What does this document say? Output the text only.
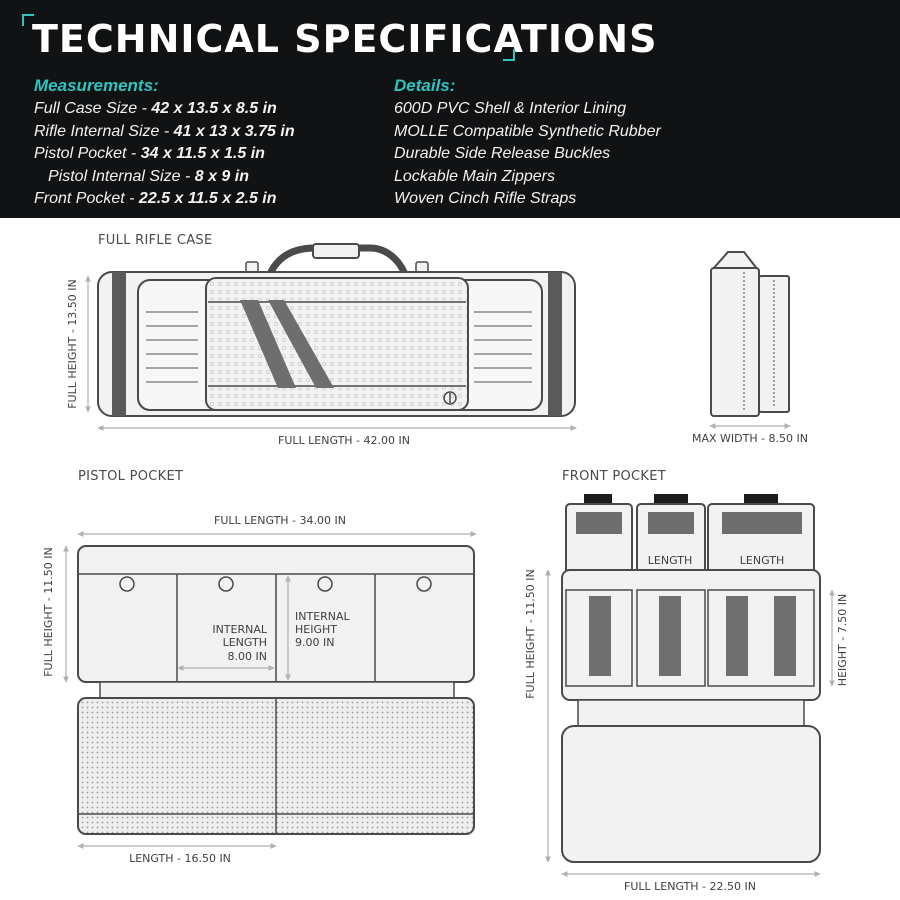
TECHNICAL SPECIFICATIONS
Measurements:
Full Case Size - 42 x 13.5 x 8.5 in
Rifle Internal Size - 41 x 13 x 3.75 in
Pistol Pocket - 34 x 11.5 x 1.5 in
Pistol Internal Size - 8 x 9 in
Front Pocket - 22.5 x 11.5 x 2.5 in
Details:
600D PVC Shell & Interior Lining
MOLLE Compatible Synthetic Rubber
Durable Side Release Buckles
Lockable Main Zippers
Woven Cinch Rifle Straps
FULL RIFLE CASE
PISTOL POCKET	FRONT POCKET
FULL HEIGHT - 13.50 IN
FULL LENGTH - 42.00 IN	MAX WIDTH - 8.50 IN
FULL LENGTH - 34.00 IN
INTERNAL
LENGTH
8.00 IN
INTERNAL
HEIGHT
9.00 IN
FULL HEIGHT - 11.50 IN
LENGTH - 16.50 IN
LENGTH	LENGTH
FULL HEIGHT - 11.50 IN	HEIGHT - 7.50 IN
FULL LENGTH - 22.50 IN
